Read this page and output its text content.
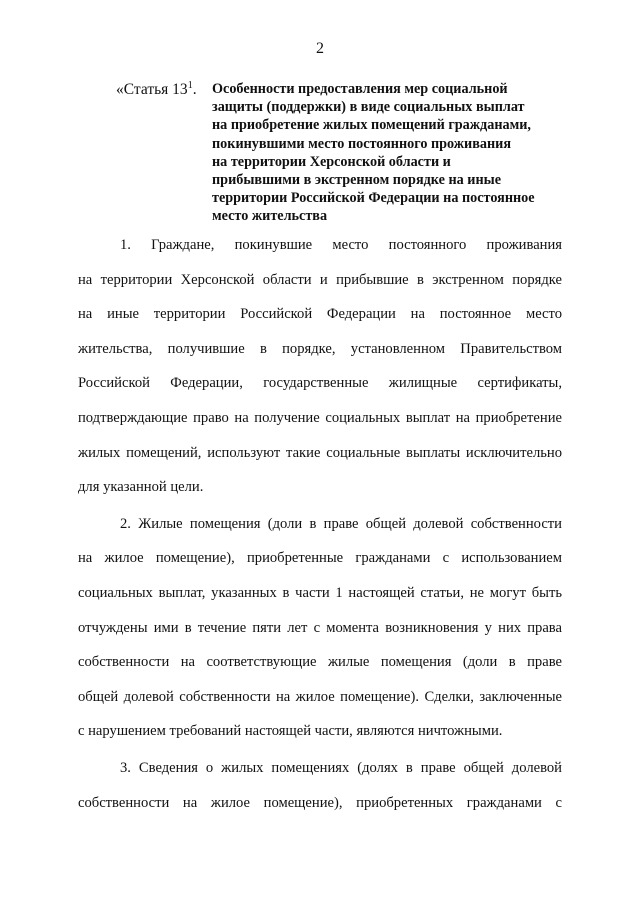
2
«Статья $13^1$. Особенности предоставления мер социальной
защиты (поддержки) в виде социальных выплат
на приобретение жилых помещений гражданами,
покинувшими место постоянного проживания
на территории Херсонской области и
прибывшими в экстренном порядке на иные
территории Российской Федерации на постоянное
место жительства
1. Граждане, покинувшие место постоянного проживания
на территории Херсонской области и прибывшие в экстренном порядке
на иные территории Российской Федерации на постоянное место
жительства, получившие в порядке, установленном Правительством
Российской Федерации, государственные жилищные сертификаты,
подтверждающие право на получение социальных выплат на приобретение
жилых помещений, используют такие социальные выплаты исключительно
для указанной цели.
2. Жилые помещения (доли в праве общей долевой собственности
на жилое помещение), приобретенные гражданами с использованием
социальных выплат, указанных в части 1 настоящей статьи, не могут быть
отчуждены ими в течение пяти лет с момента возникновения у них права
собственности на соответствующие жилые помещения (доли в праве
общей долевой собственности на жилое помещение). Сделки, заключенные
с нарушением требований настоящей части, являются ничтожными.
3. Сведения о жилых помещениях (долях в праве общей долевой
собственности на жилое помещение), приобретенных гражданами с
